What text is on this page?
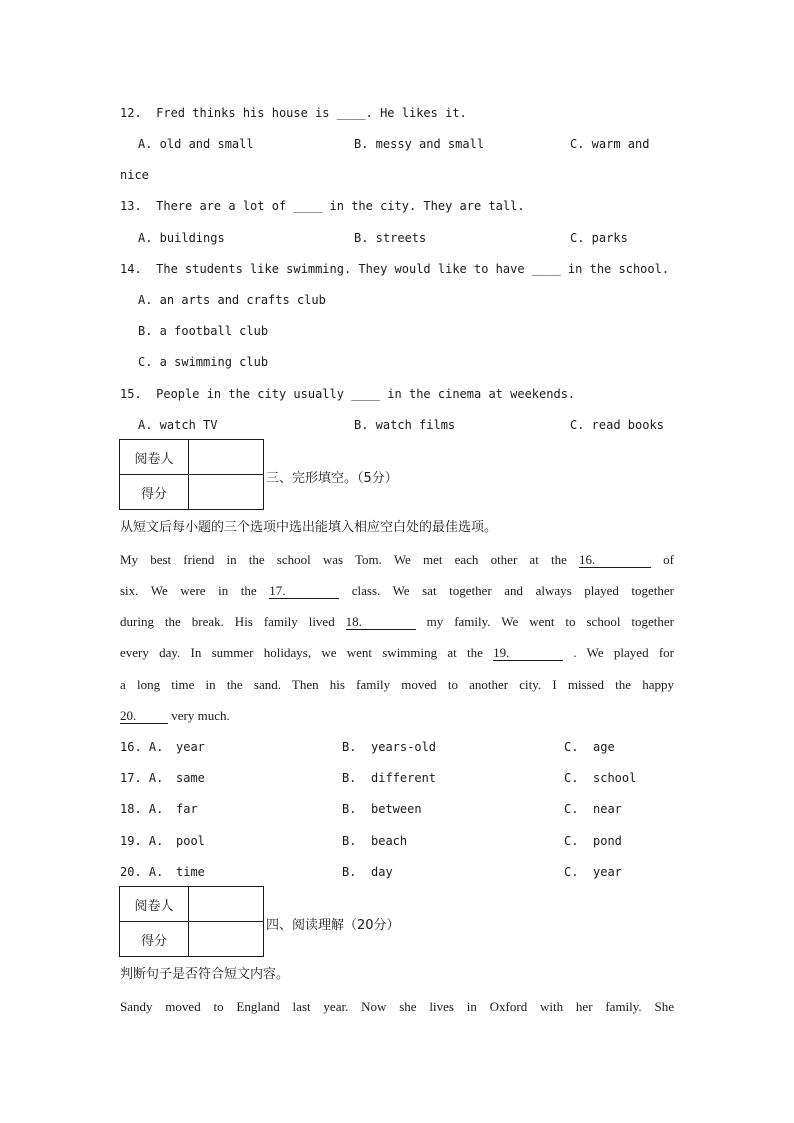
12.  Fred thinks his house is ____. He likes it.
A. old and small	B. messy and small	C. warm and
nice
13.  There are a lot of ____ in the city. They are tall.
A. buildings	B. streets	C. parks
14.  The students like swimming. They would like to have ____ in the school.
A. an arts and crafts club
B. a football club
C. a swimming club
15.  People in the city usually ____ in the cinema at weekends.
A. watch TV	B. watch films	C. read books
阅卷人	
得分	
三、完形填空。（5分）
从短文后每小题的三个选项中选出能填入相应空白处的最佳选项。
My best friend in the school was Tom. We met each other at the 16.	of
six. We were in the 17.	class. We sat together and always played together
during the break. His family lived 18.	my family. We went to school together
every day. In summer holidays, we went swimming at the 19.	. We played for
a long time in the sand. Then his family moved to another city. I missed the happy
20. very much.
16. A. year	B. years-old	C. age
17. A. same	B. different	C. school
18. A. far	B. between	C. near
19. A. pool	B. beach	C. pond
20. A. time	B. day	C. year
阅卷人	
得分	
四、阅读理解（20分）
判断句子是否符合短文内容。
Sandy moved to England last year. Now she lives in Oxford with her family. She
